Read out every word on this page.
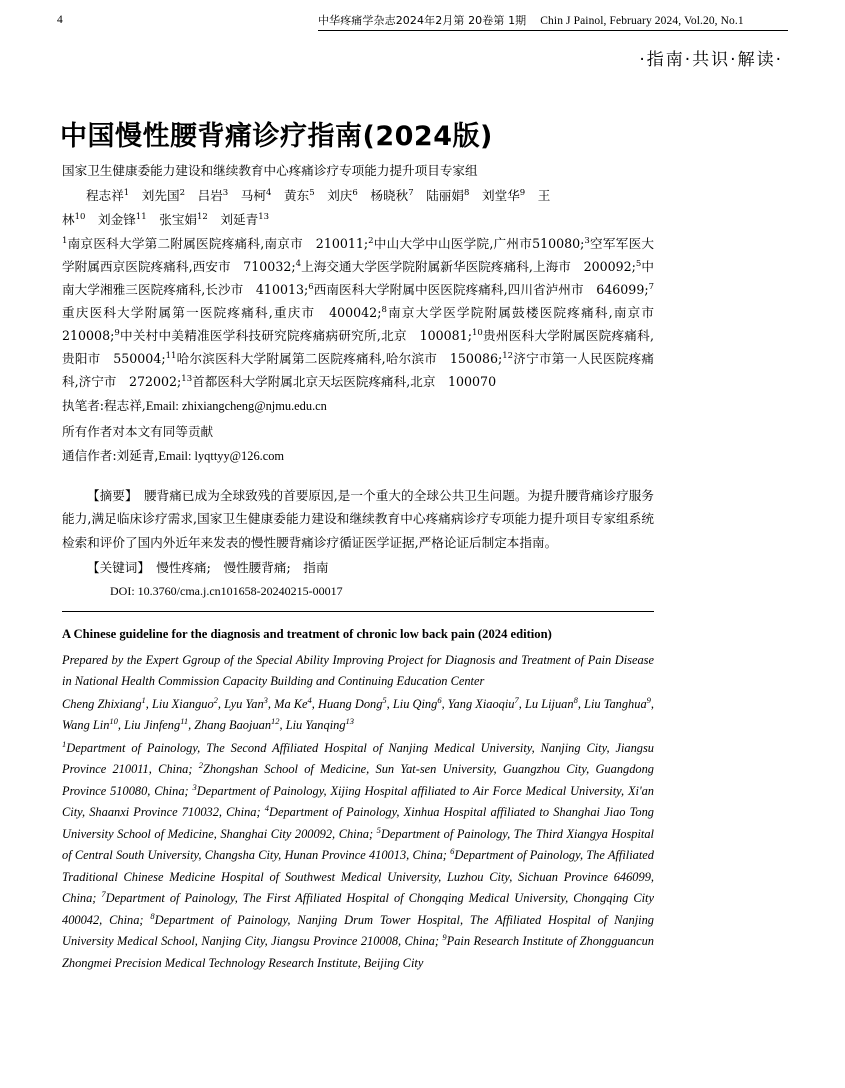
4	中华疼痛学杂志2024年2月第 20卷第 1期 Chin J Painol, February 2024, Vol.20, No.1
·指南·共识·解读·
中国慢性腰背痛诊疗指南(2024版)
国家卫生健康委能力建设和继续教育中心疼痛诊疗专项能力提升项目专家组
程志祥$^1$　刘先国$^2$　吕岩$^3$　马柯$^4$　黄东$^5$　刘庆$^6$　杨晓秋$^7$　陆丽娟$^8$　刘堂华$^9$　王
林$^{10}$　刘金锋$^{11}$　张宝娟$^{12}$　刘延青$^{13}$
$^1$南京医科大学第二附属医院疼痛科,南京市　210011;$^2$中山大学中山医学院,广州市510080;$^3$空军军医大学附属西京医院疼痛科,西安市　710032;$^4$上海交通大学医学院附属新华医院疼痛科,上海市　200092;$^5$中南大学湘雅三医院疼痛科,长沙市　410013;$^6$西南医科大学附属中医医院疼痛科,四川省泸州市　646099;$^7$重庆医科大学附属第一医院疼痛科,重庆市　400042;$^8$南京大学医学院附属鼓楼医院疼痛科,南京市　210008;$^9$中关村中美精准医学科技研究院疼痛病研究所,北京　100081;$^{10}$贵州医科大学附属医院疼痛科,贵阳市　550004;$^{11}$哈尔滨医科大学附属第二医院疼痛科,哈尔滨市　150086;$^{12}$济宁市第一人民医院疼痛科,济宁市　272002;$^{13}$首都医科大学附属北京天坛医院疼痛科,北京　100070
执笔者:程志祥,Email: zhixiangcheng@njmu.edu.cn
所有作者对本文有同等贡献
通信作者:刘延青,Email: lyqttyy@126.com
【摘要】　腰背痛已成为全球致残的首要原因,是一个重大的全球公共卫生问题。为提升腰背痛诊疗服务能力,满足临床诊疗需求,国家卫生健康委能力建设和继续教育中心疼痛病诊疗专项能力提升项目专家组系统检索和评价了国内外近年来发表的慢性腰背痛诊疗循证医学证据,严格论证后制定本指南。
【关键词】　慢性疼痛;　慢性腰背痛;　指南
DOI: 10.3760/cma.j.cn101658-20240215-00017
A Chinese guideline for the diagnosis and treatment of chronic low back pain (2024 edition)

Prepared by the Expert Ggroup of the Special Ability Improving Project for Diagnosis and Treatment of Pain Disease in National Health Commission Capacity Building and Continuing Education Center

Cheng Zhixiang$^1$, Liu Xianguo$^2$, Lyu Yan$^3$, Ma Ke$^4$, Huang Dong$^5$, Liu Qing$^6$, Yang Xiaoqiu$^7$, Lu Lijuan$^8$, Liu Tanghua$^9$, Wang Lin$^{10}$, Liu Jinfeng$^{11}$, Zhang Baojuan$^{12}$, Liu Yanqing$^{13}$

$^1$Department of Painology, The Second Affiliated Hospital of Nanjing Medical University, Nanjing City, Jiangsu Province 210011, China; $^2$Zhongshan School of Medicine, Sun Yat-sen University, Guangzhou City, Guangdong Province 510080, China; $^3$Department of Painology, Xijing Hospital affiliated to Air Force Medical University, Xi'an City, Shaanxi Province 710032, China; $^4$Department of Painology, Xinhua Hospital affiliated to Shanghai Jiao Tong University School of Medicine, Shanghai City 200092, China; $^5$Department of Painology, The Third Xiangya Hospital of Central South University, Changsha City, Hunan Province 410013, China; $^6$Department of Painology, The Affiliated Traditional Chinese Medicine Hospital of Southwest Medical University, Luzhou City, Sichuan Province 646099, China; $^7$Department of Painology, The First Affiliated Hospital of Chongqing Medical University, Chongqing City 400042, China; $^8$Department of Painology, Nanjing Drum Tower Hospital, The Affiliated Hospital of Nanjing University Medical School, Nanjing City, Jiangsu Province 210008, China; $^9$Pain Research Institute of Zhongguancun Zhongmei Precision Medical Technology Research Institute, Beijing City
